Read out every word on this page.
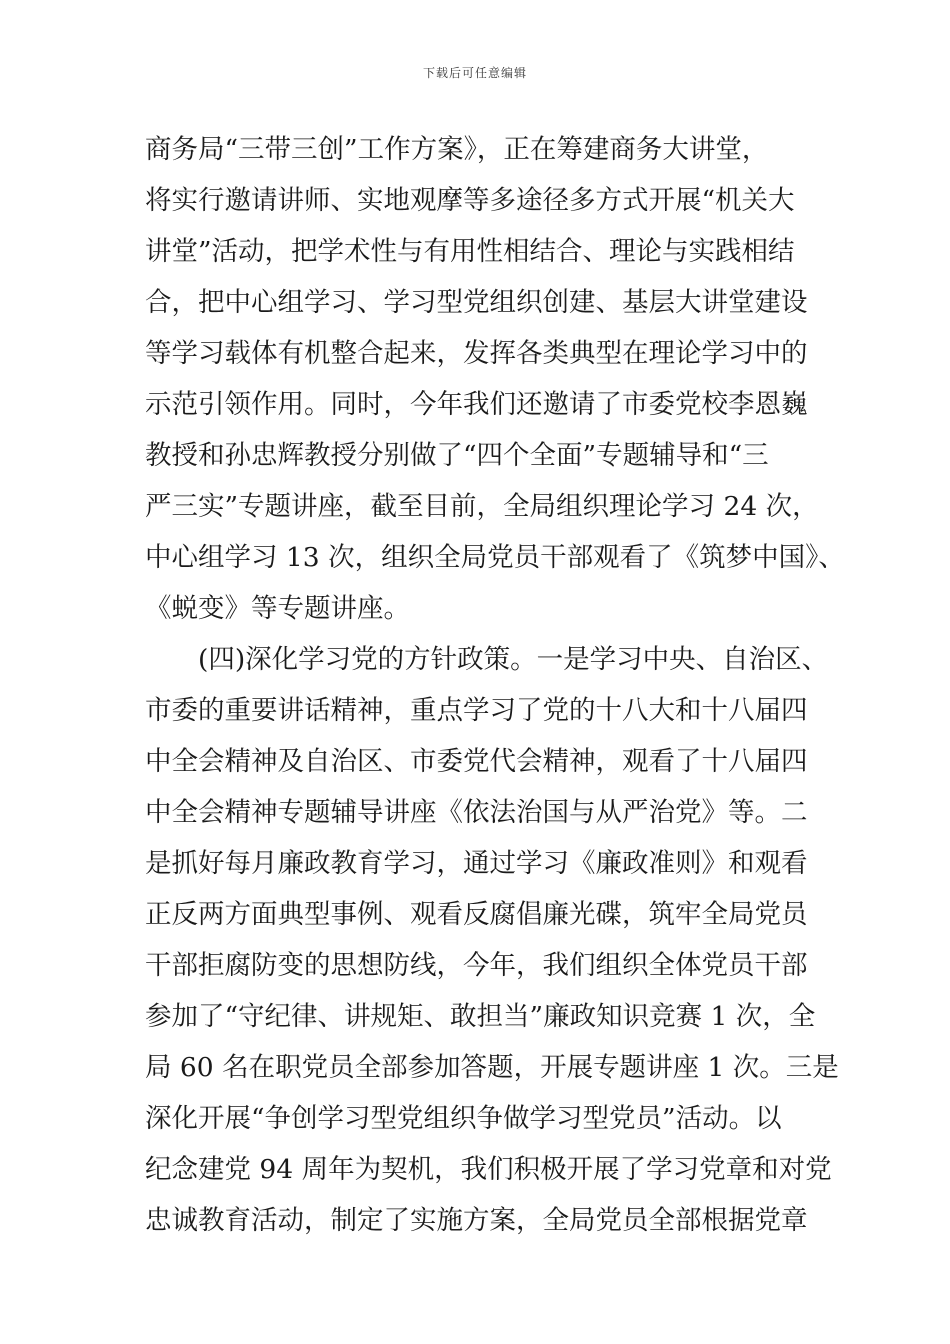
下载后可任意编辑
商务局“三带三创”工作方案》，正在筹建商务大讲堂，
将实行邀请讲师、实地观摩等多途径多方式开展“机关大
讲堂”活动，把学术性与有用性相结合、理论与实践相结
合，把中心组学习、学习型党组织创建、基层大讲堂建设
等学习载体有机整合起来，发挥各类典型在理论学习中的
示范引领作用。同时，今年我们还邀请了市委党校李恩巍
教授和孙忠辉教授分别做了“四个全面”专题辅导和“三
严三实”专题讲座，截至目前，全局组织理论学习 24 次，
中心组学习 13 次，组织全局党员干部观看了《筑梦中国》、
《蜕变》等专题讲座。
(四)深化学习党的方针政策。一是学习中央、自治区、
市委的重要讲话精神，重点学习了党的十八大和十八届四
中全会精神及自治区、市委党代会精神，观看了十八届四
中全会精神专题辅导讲座《依法治国与从严治党》等。二
是抓好每月廉政教育学习，通过学习《廉政准则》和观看
正反两方面典型事例、观看反腐倡廉光碟，筑牢全局党员
干部拒腐防变的思想防线，今年，我们组织全体党员干部
参加了“守纪律、讲规矩、敢担当”廉政知识竞赛 1 次，全
局 60 名在职党员全部参加答题，开展专题讲座 1 次。三是
深化开展“争创学习型党组织争做学习型党员”活动。以
纪念建党 94 周年为契机，我们积极开展了学习党章和对党
忠诚教育活动，制定了实施方案，全局党员全部根据党章
